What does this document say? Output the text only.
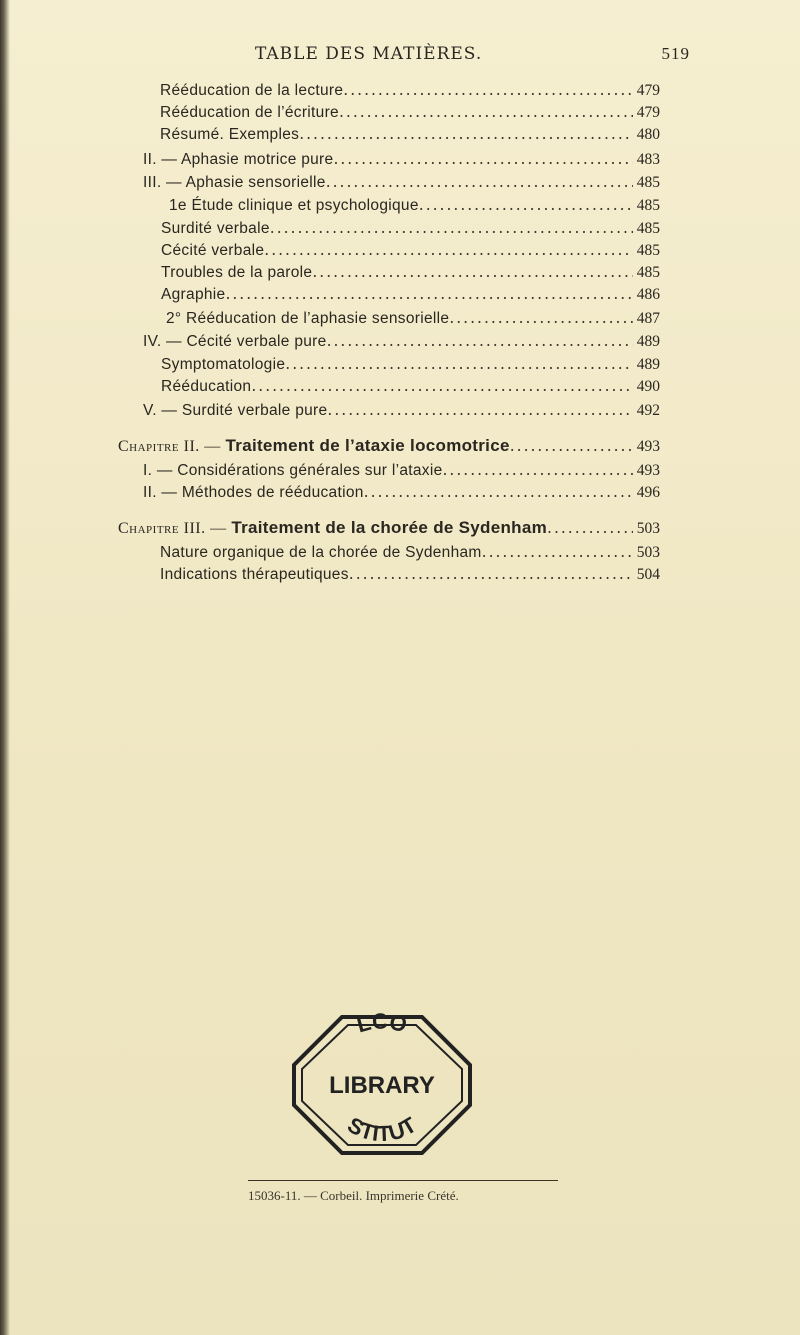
TABLE DES MATIÈRES.	519
Rééducation de la lecture .....	479
Rééducation de l’écriture .....	479
Résumé. Exemples .....	480
II. — Aphasie motrice pure .....	483
III. — Aphasie sensorielle .....	485
1e Étude clinique et psychologique .....	485
Surdité verbale .....	485
Cécité verbale .....	485
Troubles de la parole .....	485
Agraphie .....	486
2° Rééducation de l’aphasie sensorielle .....	487
IV. — Cécité verbale pure .....	489
Symptomatologie .....	489
Rééducation .....	490
V. — Surdité verbale pure .....	492
Chapitre II. — Traitement de l’ataxie locomotrice .....	493
I. — Considérations générales sur l’ataxie .....	493
II. — Méthodes de rééducation .....	496
Chapitre III. — Traitement de la chorée de Sydenham .....	503
Nature organique de la chorée de Sydenham .....	503
Indications thérapeutiques .....	504
LCO
LIBRARY
STITUT
15036-11. — Corbeil. Imprimerie Crété.
